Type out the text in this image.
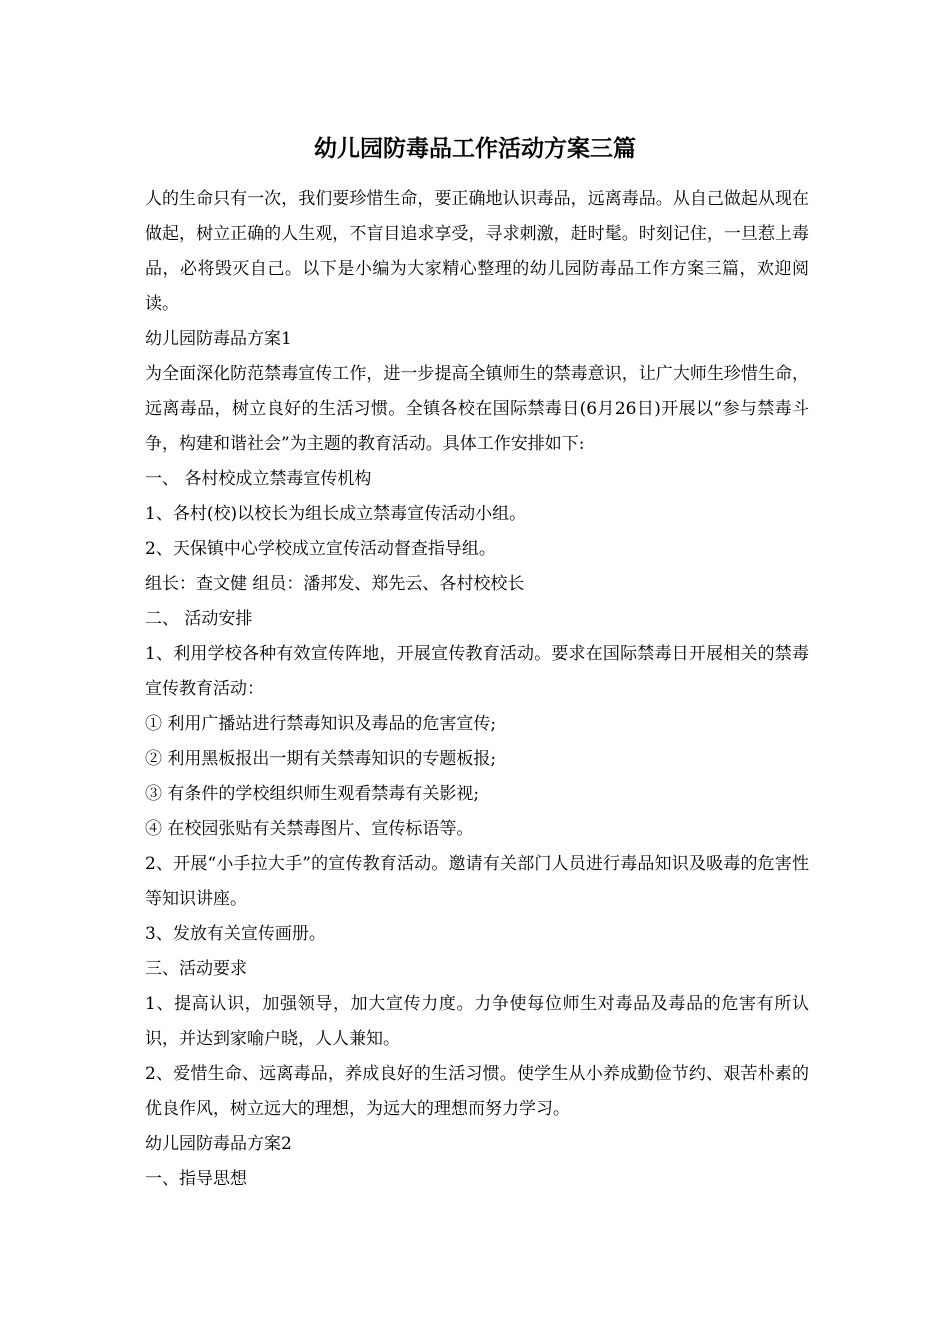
幼儿园防毒品工作活动方案三篇

人的生命只有一次，我们要珍惜生命，要正确地认识毒品，远离毒品。从自己做起从现在做起，树立正确的人生观，不盲目追求享受，寻求刺激，赶时髦。时刻记住，一旦惹上毒品，必将毁灭自己。以下是小编为大家精心整理的幼儿园防毒品工作方案三篇，欢迎阅读。

幼儿园防毒品方案1

为全面深化防范禁毒宣传工作，进一步提高全镇师生的禁毒意识，让广大师生珍惜生命，远离毒品，树立良好的生活习惯。全镇各校在国际禁毒日(6月26日)开展以“参与禁毒斗争，构建和谐社会”为主题的教育活动。具体工作安排如下:

一、 各村校成立禁毒宣传机构

1、各村(校)以校长为组长成立禁毒宣传活动小组。

2、天保镇中心学校成立宣传活动督查指导组。

组长：查文健 组员：潘邦发、郑先云、各村校校长

二、 活动安排

1、利用学校各种有效宣传阵地，开展宣传教育活动。要求在国际禁毒日开展相关的禁毒宣传教育活动：

① 利用广播站进行禁毒知识及毒品的危害宣传;

② 利用黑板报出一期有关禁毒知识的专题板报;

③ 有条件的学校组织师生观看禁毒有关影视;

④ 在校园张贴有关禁毒图片、宣传标语等。

2、开展“小手拉大手”的宣传教育活动。邀请有关部门人员进行毒品知识及吸毒的危害性等知识讲座。

3、发放有关宣传画册。

三、活动要求

1、提高认识，加强领导，加大宣传力度。力争使每位师生对毒品及毒品的危害有所认识，并达到家喻户晓，人人兼知。

2、爱惜生命、远离毒品，养成良好的生活习惯。使学生从小养成勤俭节约、艰苦朴素的优良作风，树立远大的理想，为远大的理想而努力学习。

幼儿园防毒品方案2

一、指导思想
